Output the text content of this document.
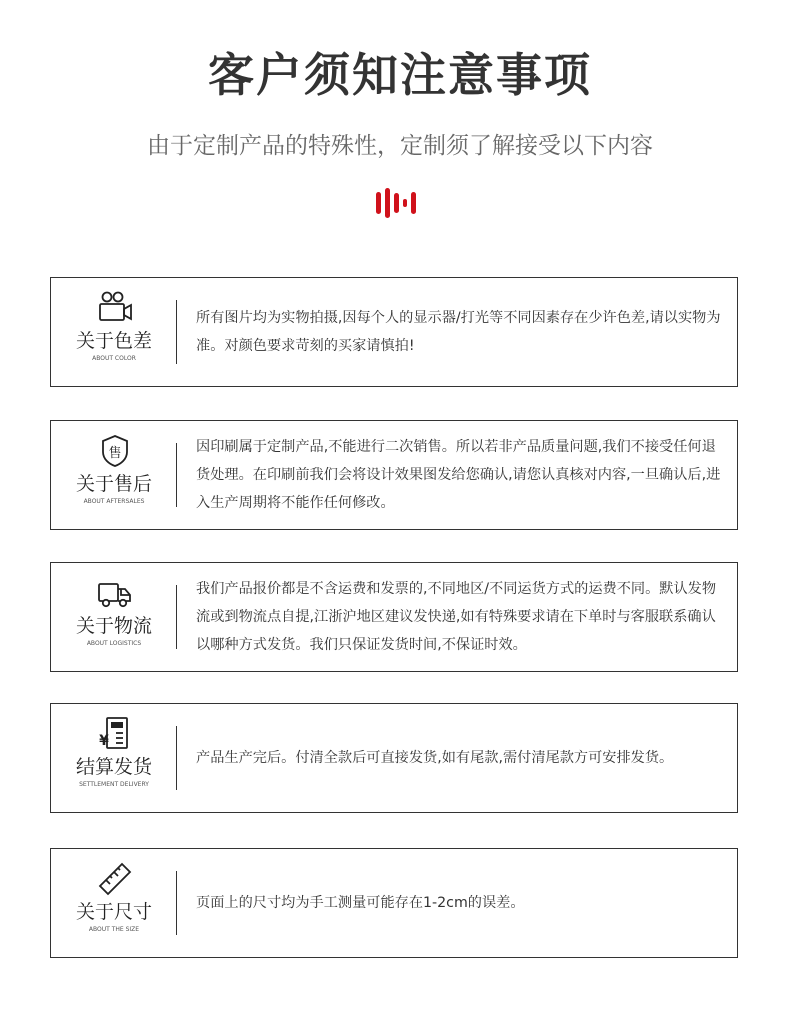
客户须知注意事项
由于定制产品的特殊性，定制须了解接受以下内容
关于色差
ABOUT COLOR
所有图片均为实物拍摄,因每个人的显示器/打光等不同因素存在少许色差,请以实物为准。对颜色要求苛刻的买家请慎拍!
售
关于售后
ABOUT AFTERSALES
因印刷属于定制产品,不能进行二次销售。所以若非产品质量问题,我们不接受任何退货处理。在印刷前我们会将设计效果图发给您确认,请您认真核对内容,一旦确认后,进入生产周期将不能作任何修改。
关于物流
ABOUT LOGISTICS
我们产品报价都是不含运费和发票的,不同地区/不同运货方式的运费不同。默认发物流或到物流点自提,江浙沪地区建议发快递,如有特殊要求请在下单时与客服联系确认以哪种方式发货。我们只保证发货时间,不保证时效。
¥
结算发货
SETTLEMENT DELIVERY
产品生产完后。付清全款后可直接发货,如有尾款,需付清尾款方可安排发货。
关于尺寸
ABOUT THE SIZE
页面上的尺寸均为手工测量可能存在1-2cm的误差。
